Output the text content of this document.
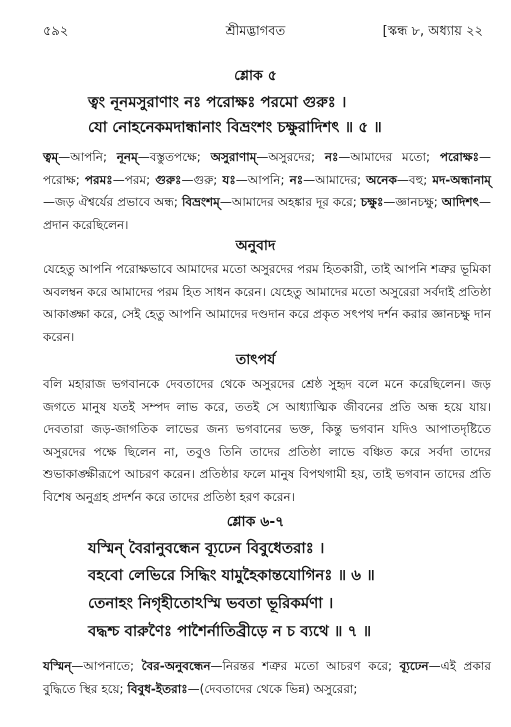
৫৯২	শ্রীমদ্ভাগবত	[স্কন্ধ ৮, অধ্যায় ২২
শ্লোক ৫
ত্বং নূনমসুরাণাং নঃ পরোক্ষঃ পরমো গুরুঃ ।
যো নোহনেকমদান্ধানাং বিভ্রংশং চক্ষুরাদিশৎ ॥ ৫ ॥
ত্বম্—আপনি; নূনম্—বস্তুতপক্ষে; অসুরাণাম্—অসুরদের; নঃ—আমাদের মতো; পরোক্ষঃ—পরোক্ষ; পরমঃ—পরম; গুরুঃ—গুরু; যঃ—আপনি; নঃ—আমাদের; অনেক—বহু; মদ-অন্ধানাম্—জড় ঐশ্বর্যের প্রভাবে অন্ধ; বিভ্রংশম্—আমাদের অহঙ্কার দূর করে; চক্ষুঃ—জ্ঞানচক্ষু; আদিশৎ—প্রদান করেছিলেন।
অনুবাদ
যেহেতু আপনি পরোক্ষভাবে আমাদের মতো অসুরদের পরম হিতকারী, তাই আপনি শত্রুর ভূমিকা অবলম্বন করে আমাদের পরম হিত সাধন করেন। যেহেতু আমাদের মতো অসুরেরা সর্বদাই প্রতিষ্ঠা আকাঙ্ক্ষা করে, সেই হেতু আপনি আমাদের দণ্ডদান করে প্রকৃত সৎপথ দর্শন করার জ্ঞানচক্ষু দান করেন।
তাৎপর্য
বলি মহারাজ ভগবানকে দেবতাদের থেকে অসুরদের শ্রেষ্ঠ সুহৃদ বলে মনে করেছিলেন। জড় জগতে মানুষ যতই সম্পদ লাভ করে, ততই সে আধ্যাত্মিক জীবনের প্রতি অন্ধ হয়ে যায়। দেবতারা জড়-জাগতিক লাভের জন্য ভগবানের ভক্ত, কিন্তু ভগবান যদিও আপাতদৃষ্টিতে অসুরদের পক্ষে ছিলেন না, তবুও তিনি তাদের প্রতিষ্ঠা লাভে বঞ্চিত করে সর্বদা তাদের শুভাকাঙ্ক্ষীরূপে আচরণ করেন। প্রতিষ্ঠার ফলে মানুষ বিপথগামী হয়, তাই ভগবান তাদের প্রতি বিশেষ অনুগ্রহ প্রদর্শন করে তাদের প্রতিষ্ঠা হরণ করেন।
শ্লোক ৬-৭
যস্মিন্ বৈরানুবন্ধেন ব্যূঢেন বিবুধেতরাঃ ।
বহবো লেভিরে সিদ্ধিং যামুহৈকান্তযোগিনঃ ॥ ৬ ॥
তেনাহং নিগৃহীতোঽস্মি ভবতা ভূরিকর্মণা ।
বদ্ধশ্চ বারুণৈঃ পাশৈর্নাতিব্রীড়ে ন চ ব্যথে ॥ ৭ ॥
যস্মিন্—আপনাতে; বৈর-অনুবন্ধেন—নিরন্তর শত্রুর মতো আচরণ করে; ব্যূঢেন—এই প্রকার বুদ্ধিতে স্থির হয়ে; বিবুধ-ইতরাঃ—(দেবতাদের থেকে ভিন্ন) অসুরেরা;
